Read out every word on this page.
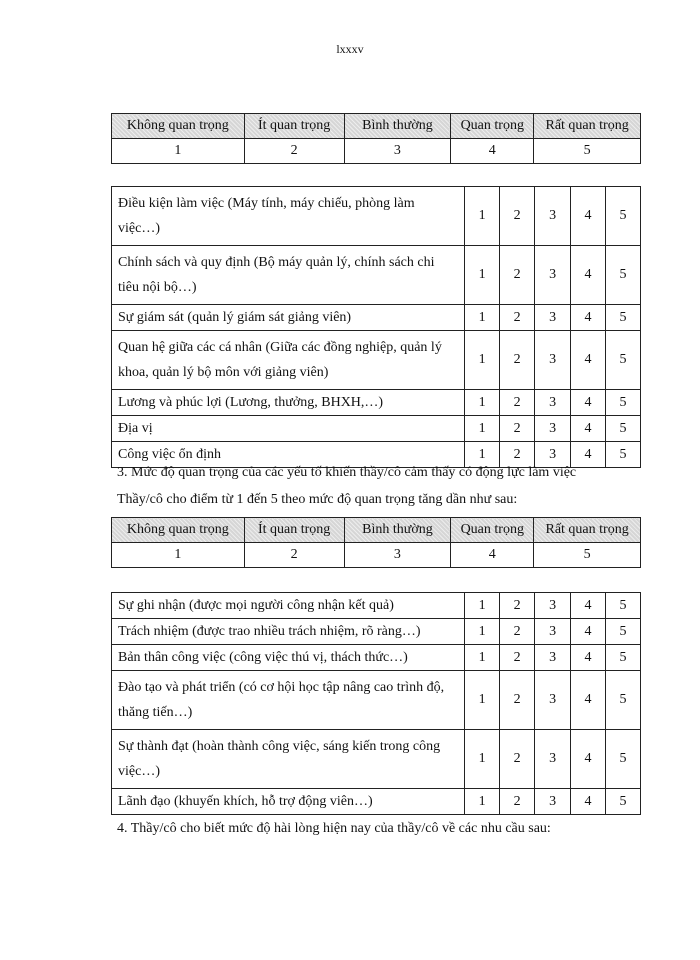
lxxxv
Không quan trọng	Ít quan trọng	Bình thường	Quan trọng	Rất quan trọng
1	2	3	4	5
Điều kiện làm việc (Máy tính, máy chiếu, phòng làm việc…)	1	2	3	4	5
Chính sách và quy định (Bộ máy quản lý, chính sách chi tiêu nội bộ…)	1	2	3	4	5
Sự giám sát (quản lý giám sát giảng viên)	1	2	3	4	5
Quan hệ giữa các cá nhân (Giữa các đồng nghiệp, quản lý khoa, quản lý bộ môn với giảng viên)	1	2	3	4	5
Lương và phúc lợi (Lương, thưởng, BHXH,…)	1	2	3	4	5
Địa vị	1	2	3	4	5
Công việc ổn định	1	2	3	4	5

3. Mức độ quan trọng của các yếu tố khiến thầy/cô cảm thấy có động lực làm việc

Thầy/cô cho điểm từ 1 đến 5 theo mức độ quan trọng tăng dần như sau:

Không quan trọng	Ít quan trọng	Bình thường	Quan trọng	Rất quan trọng
1	2	3	4	5
Sự ghi nhận (được mọi người công nhận kết quả)	1	2	3	4	5
Trách nhiệm (được trao nhiều trách nhiệm, rõ ràng…)	1	2	3	4	5
Bản thân công việc (công việc thú vị, thách thức…)	1	2	3	4	5
Đào tạo và phát triển (có cơ hội học tập nâng cao trình độ, thăng tiến…)	1	2	3	4	5
Sự thành đạt (hoàn thành công việc, sáng kiến trong công việc…)	1	2	3	4	5
Lãnh đạo (khuyến khích, hỗ trợ động viên…)	1	2	3	4	5

4. Thầy/cô cho biết mức độ hài lòng hiện nay của thầy/cô về các nhu cầu sau:
